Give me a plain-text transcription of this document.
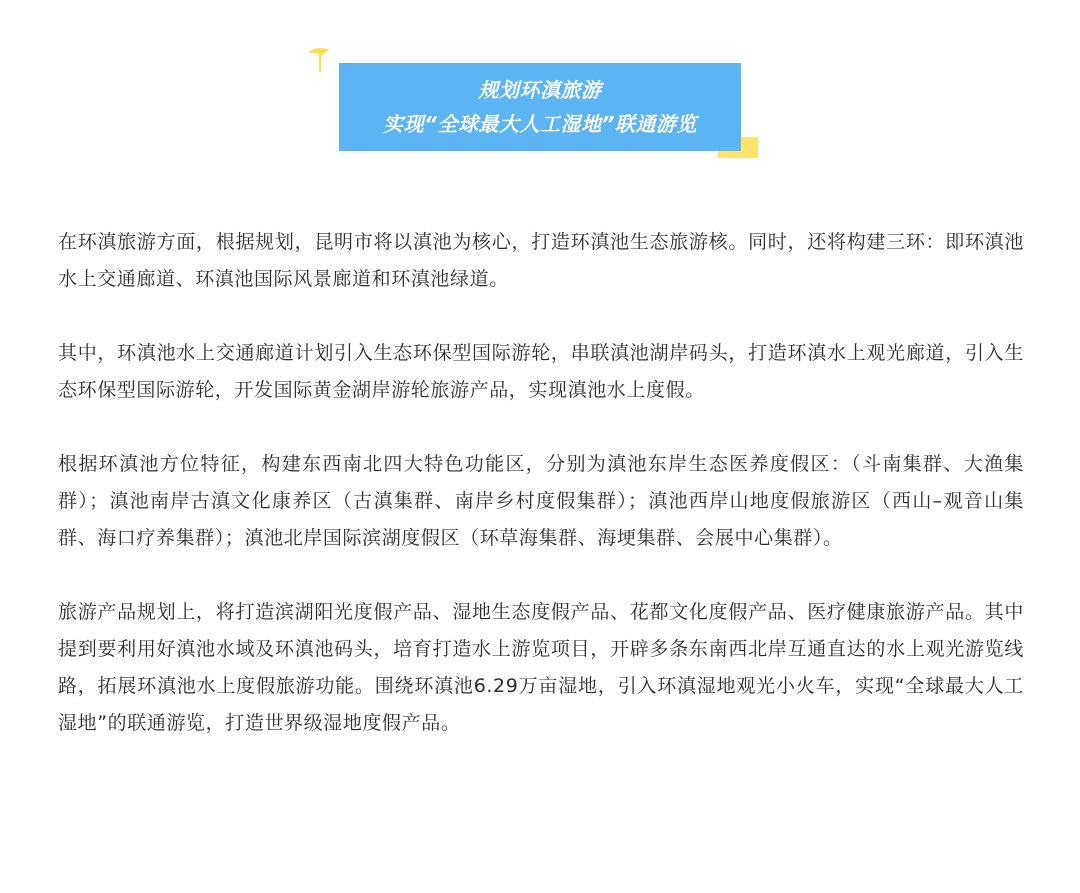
规划环滇旅游
实现“全球最大人工湿地”联通游览

在环滇旅游方面，根据规划，昆明市将以滇池为核心，打造环滇池生态旅游核。同时，还将构建三环：即环滇池水上交通廊道、环滇池国际风景廊道和环滇池绿道。

其中，环滇池水上交通廊道计划引入生态环保型国际游轮，串联滇池湖岸码头，打造环滇水上观光廊道，引入生态环保型国际游轮，开发国际黄金湖岸游轮旅游产品，实现滇池水上度假。

根据环滇池方位特征，构建东西南北四大特色功能区，分别为滇池东岸生态医养度假区：（斗南集群、大渔集群）；滇池南岸古滇文化康养区（古滇集群、南岸乡村度假集群）；滇池西岸山地度假旅游区（西山–观音山集群、海口疗养集群）；滇池北岸国际滨湖度假区（环草海集群、海埂集群、会展中心集群）。

旅游产品规划上，将打造滨湖阳光度假产品、湿地生态度假产品、花都文化度假产品、医疗健康旅游产品。其中提到要利用好滇池水域及环滇池码头，培育打造水上游览项目，开辟多条东南西北岸互通直达的水上观光游览线路，拓展环滇池水上度假旅游功能。围绕环滇池6.29万亩湿地，引入环滇湿地观光小火车，实现“全球最大人工湿地”的联通游览，打造世界级湿地度假产品。
